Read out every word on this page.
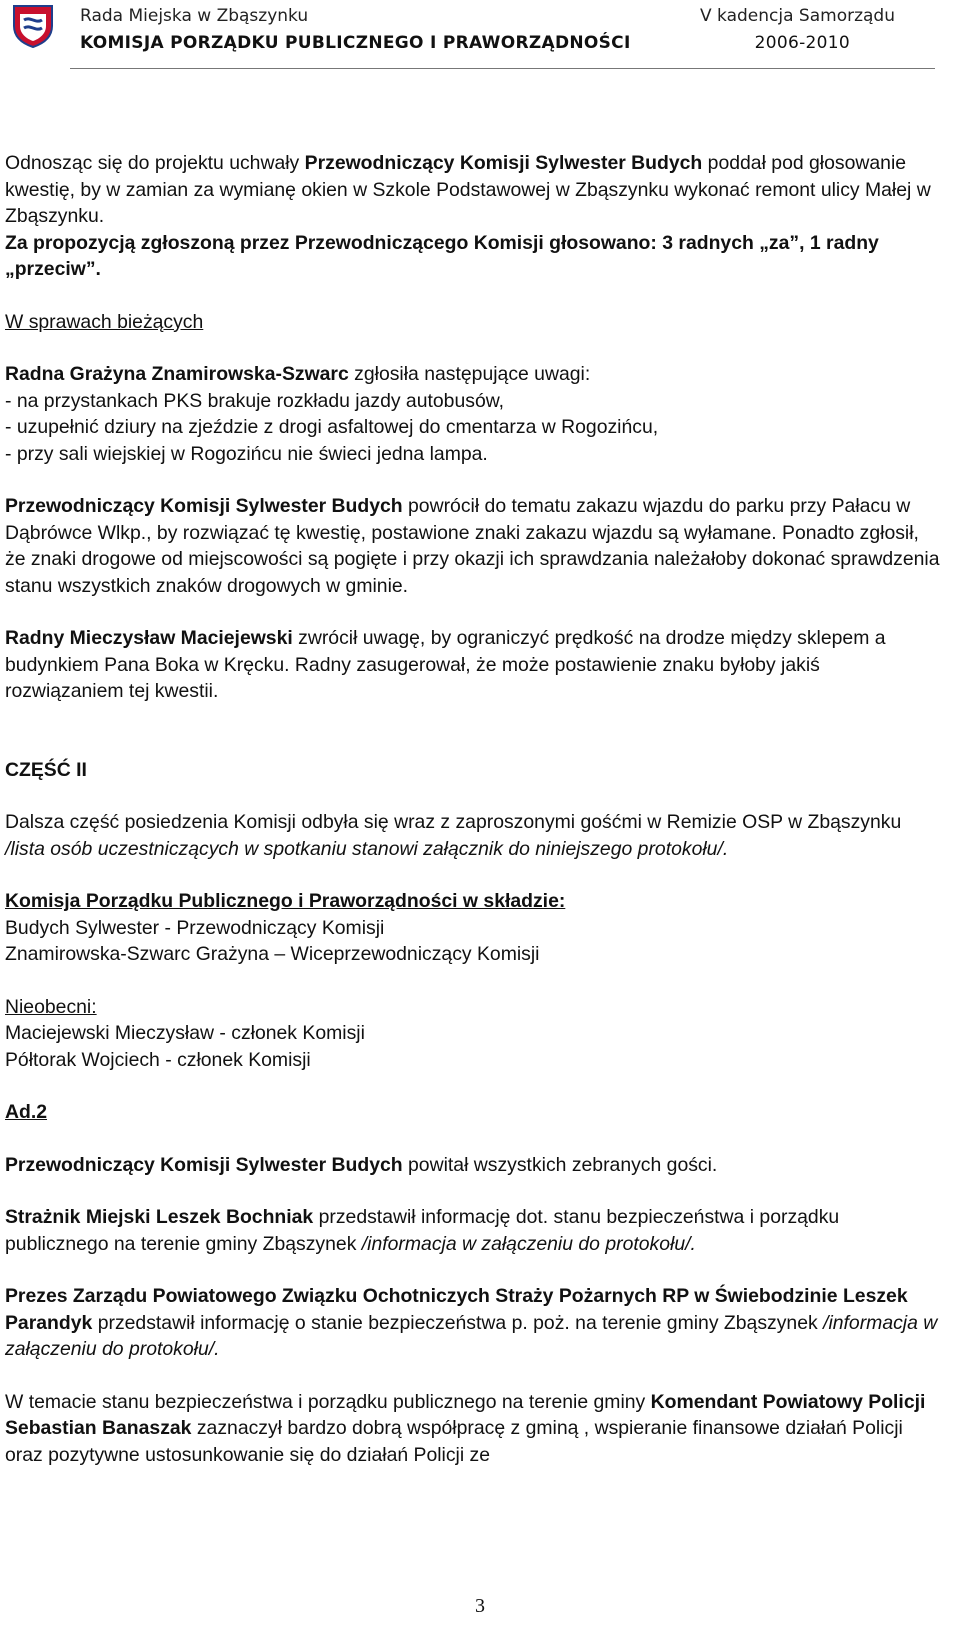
Rada Miejska w Zbąszynku
KOMISJA PORZĄDKU PUBLICZNEGO I PRAWORZĄDNOŚCI
V kadencja Samorządu
2006-2010

Odnosząc się do projektu uchwały Przewodniczący Komisji Sylwester Budych poddał pod głosowanie kwestię, by w zamian za wymianę okien w Szkole Podstawowej w Zbąszynku wykonać remont ulicy Małej w Zbąszynku.

Za propozycją zgłoszoną przez Przewodniczącego Komisji głosowano: 3 radnych „za”, 1 radny „przeciw”.

W sprawach bieżących

Radna Grażyna Znamirowska-Szwarc zgłosiła następujące uwagi:

- na przystankach PKS brakuje rozkładu jazdy autobusów,

- uzupełnić dziury na zjeździe z drogi asfaltowej do cmentarza w Rogozińcu,

- przy sali wiejskiej w Rogozińcu nie świeci jedna lampa.

Przewodniczący Komisji Sylwester Budych powrócił do tematu zakazu wjazdu do parku przy Pałacu w Dąbrówce Wlkp., by rozwiązać tę kwestię, postawione znaki zakazu wjazdu są wyłamane. Ponadto zgłosił, że znaki drogowe od miejscowości są pogięte i przy okazji ich sprawdzania należałoby dokonać sprawdzenia stanu wszystkich znaków drogowych w gminie.

Radny Mieczysław Maciejewski zwrócił uwagę, by ograniczyć prędkość na drodze między sklepem a budynkiem Pana Boka w Kręcku. Radny zasugerował, że może postawienie znaku byłoby jakiś rozwiązaniem tej kwestii.

CZĘŚĆ II

Dalsza część posiedzenia Komisji odbyła się wraz z zaproszonymi gośćmi w Remizie OSP w Zbąszynku /lista osób uczestniczących w spotkaniu stanowi załącznik do niniejszego protokołu/.

Komisja Porządku Publicznego i Praworządności w składzie:

Budych Sylwester - Przewodniczący Komisji

Znamirowska-Szwarc Grażyna – Wiceprzewodniczący Komisji

Nieobecni:

Maciejewski Mieczysław - członek Komisji

Półtorak Wojciech - członek Komisji

Ad.2

Przewodniczący Komisji Sylwester Budych powitał wszystkich zebranych gości.

Strażnik Miejski Leszek Bochniak przedstawił informację dot. stanu bezpieczeństwa i porządku publicznego na terenie gminy Zbąszynek /informacja w załączeniu do protokołu/.

Prezes Zarządu Powiatowego Związku Ochotniczych Straży Pożarnych RP w Świebodzinie Leszek Parandyk przedstawił informację o stanie bezpieczeństwa p. poż. na terenie gminy Zbąszynek /informacja w załączeniu do protokołu/.

W temacie stanu bezpieczeństwa i porządku publicznego na terenie gminy Komendant Powiatowy Policji Sebastian Banaszak zaznaczył bardzo dobrą współpracę z gminą , wspieranie finansowe działań Policji oraz pozytywne ustosunkowanie się do działań Policji ze

3
